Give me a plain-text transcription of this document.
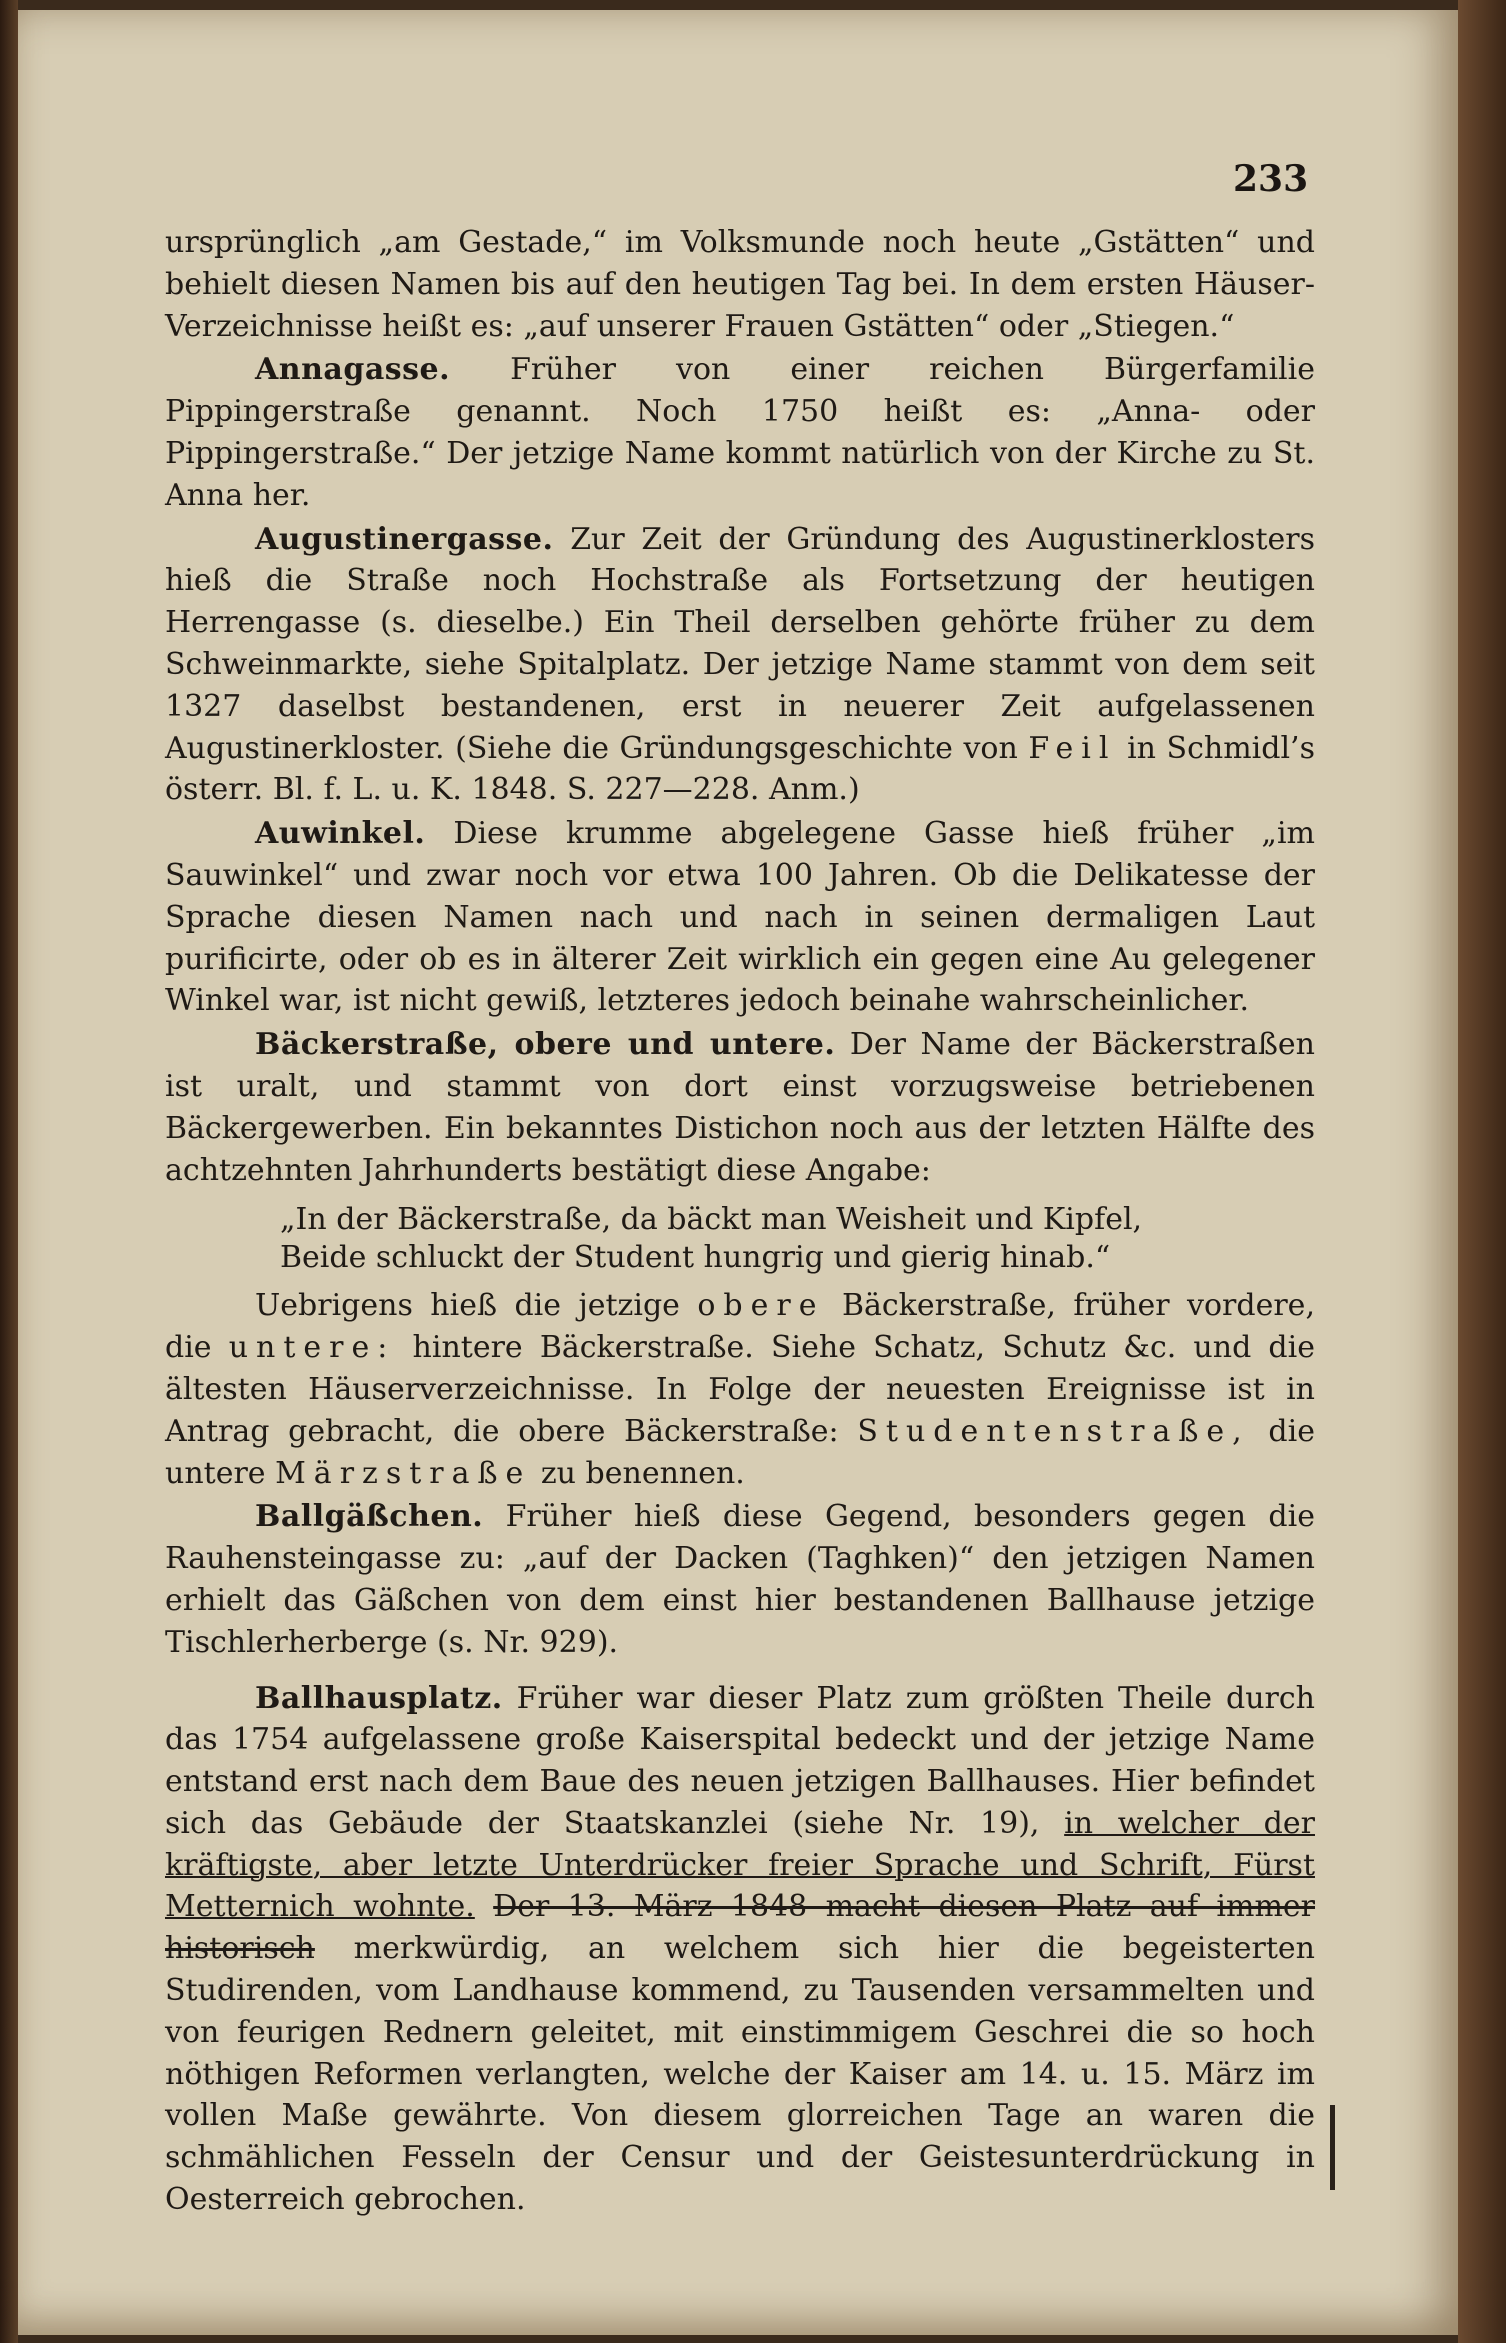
233

ursprünglich „am Gestade,“ im Volksmunde noch heute „Gstätten“ und behielt diesen Namen bis auf den heutigen Tag bei. In dem ersten Häuser-Verzeichnisse heißt es: „auf unserer Frauen Gstätten“ oder „Stiegen.“

Annagasse. Früher von einer reichen Bürgerfamilie Pippingerstraße genannt. Noch 1750 heißt es: „Anna- oder Pippingerstraße.“ Der jetzige Name kommt natürlich von der Kirche zu St. Anna her.

Augustinergasse. Zur Zeit der Gründung des Augustinerklosters hieß die Straße noch Hochstraße als Fortsetzung der heutigen Herrengasse (s. dieselbe.) Ein Theil derselben gehörte früher zu dem Schweinmarkte, siehe Spitalplatz. Der jetzige Name stammt von dem seit 1327 daselbst bestandenen, erst in neuerer Zeit aufgelassenen Augustinerkloster. (Siehe die Gründungsgeschichte von Feil in Schmidl’s österr. Bl. f. L. u. K. 1848. S. 227—228. Anm.)

Auwinkel. Diese krumme abgelegene Gasse hieß früher „im Sauwinkel“ und zwar noch vor etwa 100 Jahren. Ob die Delikatesse der Sprache diesen Namen nach und nach in seinen dermaligen Laut purificirte, oder ob es in älterer Zeit wirklich ein gegen eine Au gelegener Winkel war, ist nicht gewiß, letzteres jedoch beinahe wahrscheinlicher.

Bäckerstraße, obere und untere. Der Name der Bäckerstraßen ist uralt, und stammt von dort einst vorzugsweise betriebenen Bäckergewerben. Ein bekanntes Distichon noch aus der letzten Hälfte des achtzehnten Jahrhunderts bestätigt diese Angabe:

„In der Bäckerstraße, da bäckt man Weisheit und Kipfel,
Beide schluckt der Student hungrig und gierig hinab.“

Uebrigens hieß die jetzige obere Bäckerstraße, früher vordere, die untere: hintere Bäckerstraße. Siehe Schatz, Schutz &c. und die ältesten Häuserverzeichnisse. In Folge der neuesten Ereignisse ist in Antrag gebracht, die obere Bäckerstraße: Studentenstraße, die untere Märzstraße zu benennen.

Ballgäßchen. Früher hieß diese Gegend, besonders gegen die Rauhensteingasse zu: „auf der Dacken (Taghken)“ den jetzigen Namen erhielt das Gäßchen von dem einst hier bestandenen Ballhause jetzige Tischlerherberge (s. Nr. 929).

Ballhausplatz. Früher war dieser Platz zum größten Theile durch das 1754 aufgelassene große Kaiserspital bedeckt und der jetzige Name entstand erst nach dem Baue des neuen jetzigen Ballhauses. Hier befindet sich das Gebäude der Staatskanzlei (siehe Nr. 19), in welcher der kräftigste, aber letzte Unterdrücker freier Sprache und Schrift, Fürst Metternich wohnte. Der 13. März 1848 macht diesen Platz auf immer historisch merkwürdig, an welchem sich hier die begeisterten Studirenden, vom Landhause kommend, zu Tausenden versammelten und von feurigen Rednern geleitet, mit einstimmigem Geschrei die so hoch nöthigen Reformen verlangten, welche der Kaiser am 14. u. 15. März im vollen Maße gewährte. Von diesem glorreichen Tage an waren die schmählichen Fesseln der Censur und der Geistesunterdrückung in Oesterreich gebrochen.
